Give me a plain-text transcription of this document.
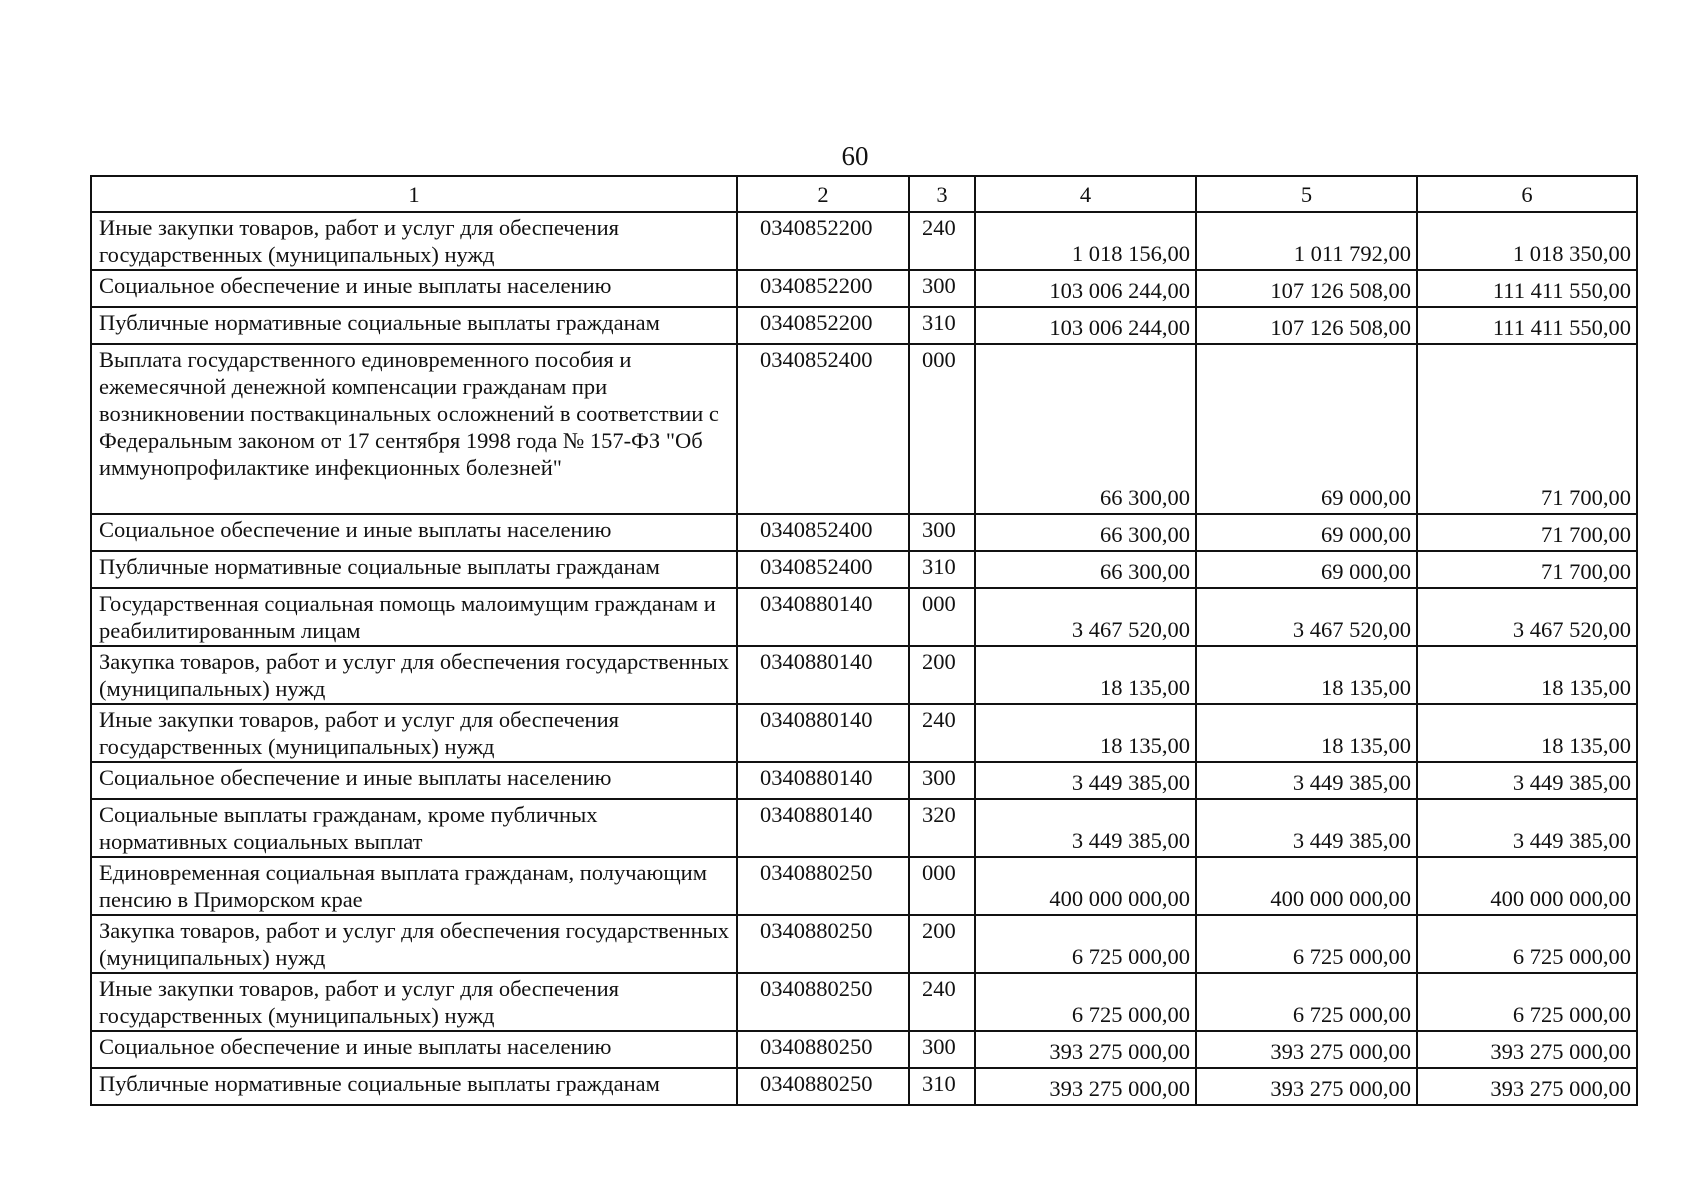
60
1	2	3	4	5	6
Иные закупки товаров, работ и услуг для обеспечения государственных (муниципальных) нужд	0340852200	240	1 018 156,00	1 011 792,00	1 018 350,00
Социальное обеспечение и иные выплаты населению	0340852200	300	103 006 244,00	107 126 508,00	111 411 550,00
Публичные нормативные социальные выплаты гражданам	0340852200	310	103 006 244,00	107 126 508,00	111 411 550,00
Выплата государственного единовременного пособия и ежемесячной денежной компенсации гражданам при возникновении поствакцинальных осложнений в соответствии с Федеральным законом от 17 сентября 1998 года № 157-ФЗ "Об иммунопрофилактике инфекционных болезней"	0340852400	000	66 300,00	69 000,00	71 700,00
Социальное обеспечение и иные выплаты населению	0340852400	300	66 300,00	69 000,00	71 700,00
Публичные нормативные социальные выплаты гражданам	0340852400	310	66 300,00	69 000,00	71 700,00
Государственная социальная помощь малоимущим гражданам и реабилитированным лицам	0340880140	000	3 467 520,00	3 467 520,00	3 467 520,00
Закупка товаров, работ и услуг для обеспечения государственных (муниципальных) нужд	0340880140	200	18 135,00	18 135,00	18 135,00
Иные закупки товаров, работ и услуг для обеспечения государственных (муниципальных) нужд	0340880140	240	18 135,00	18 135,00	18 135,00
Социальное обеспечение и иные выплаты населению	0340880140	300	3 449 385,00	3 449 385,00	3 449 385,00
Социальные выплаты гражданам, кроме публичных нормативных социальных выплат	0340880140	320	3 449 385,00	3 449 385,00	3 449 385,00
Единовременная социальная выплата гражданам, получающим пенсию в Приморском крае	0340880250	000	400 000 000,00	400 000 000,00	400 000 000,00
Закупка товаров, работ и услуг для обеспечения государственных (муниципальных) нужд	0340880250	200	6 725 000,00	6 725 000,00	6 725 000,00
Иные закупки товаров, работ и услуг для обеспечения государственных (муниципальных) нужд	0340880250	240	6 725 000,00	6 725 000,00	6 725 000,00
Социальное обеспечение и иные выплаты населению	0340880250	300	393 275 000,00	393 275 000,00	393 275 000,00
Публичные нормативные социальные выплаты гражданам	0340880250	310	393 275 000,00	393 275 000,00	393 275 000,00
